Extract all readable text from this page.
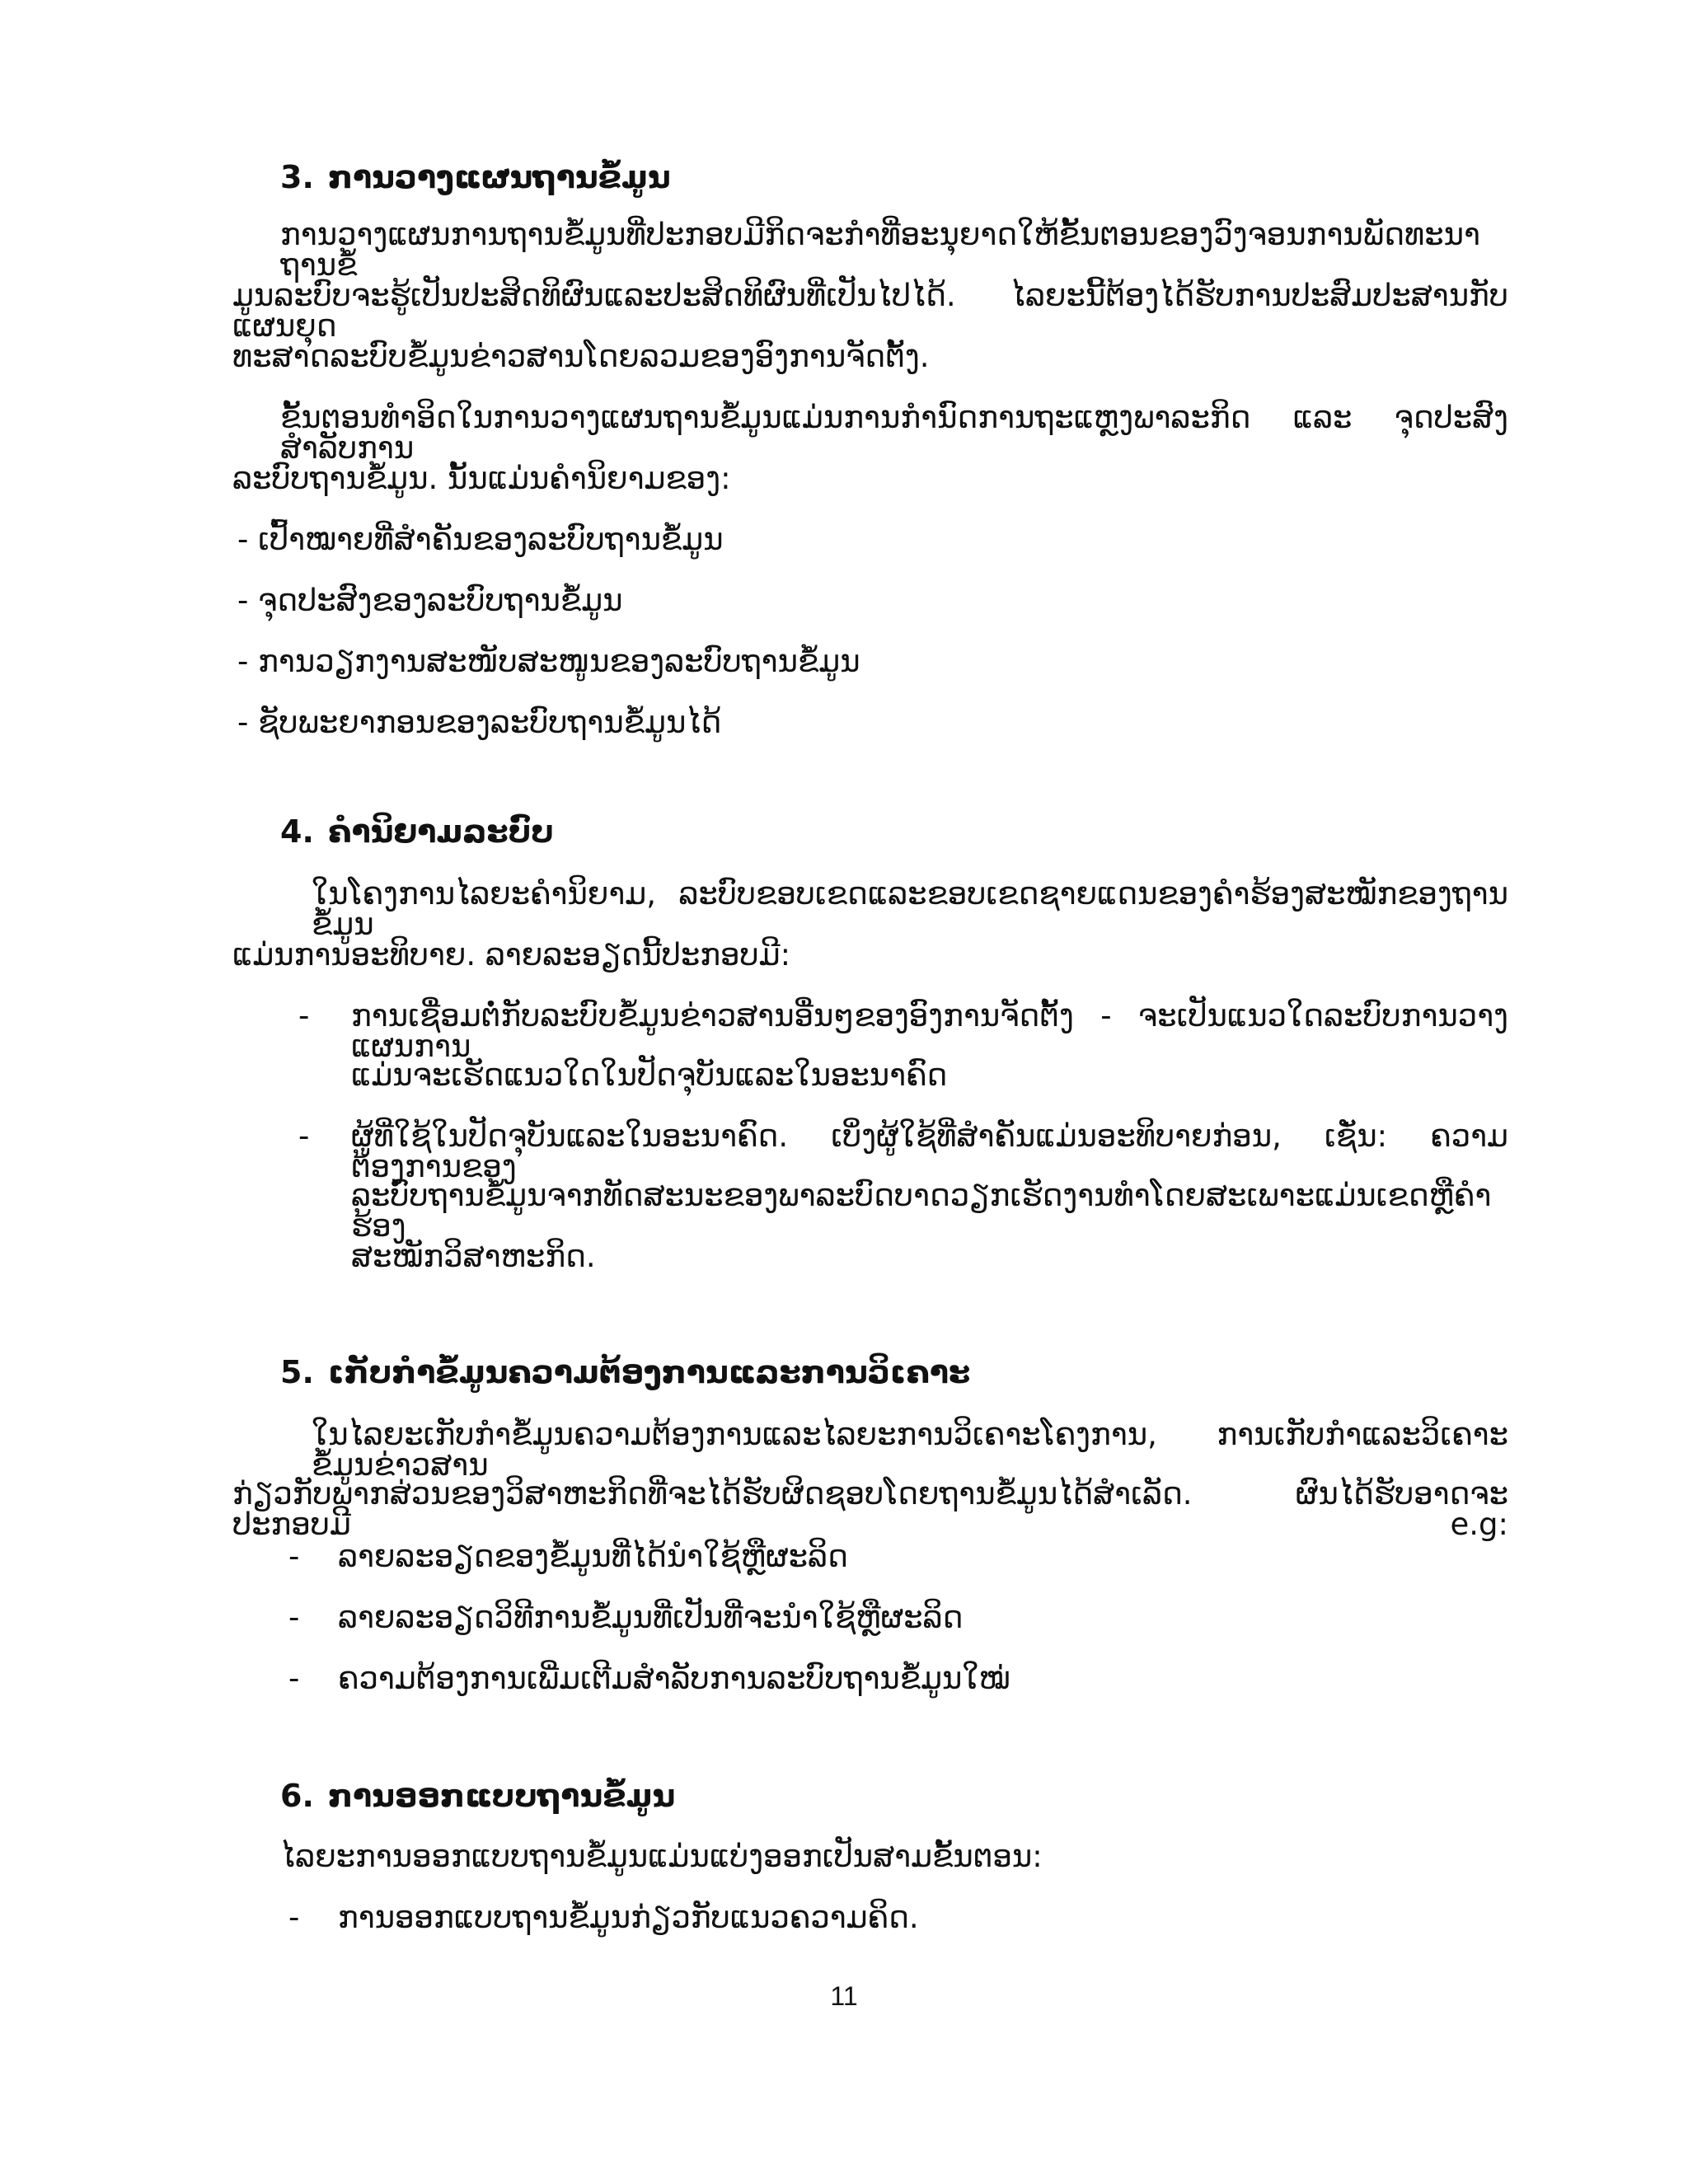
3. ການວາງແຜນຖານຂໍ້ມູນ
ການວາງແຜນການຖານຂໍ້ມູນທີ່ປະກອບມີກິດຈະກຳທີ່ອະນຸຍາດໃຫ້ຂັ້ນຕອນຂອງວົງຈອນການພັດທະນາຖານຂໍ້
ມູນລະບົບຈະຮູ້ເປັນປະສິດທິຜົນແລະປະສິດທິຜົນທີ່ເປັນໄປໄດ້. ໄລຍະນີ້ຕ້ອງໄດ້ຮັບການປະສົມປະສານກັບແຜນຍຸດ
ທະສາດລະບົບຂໍ້ມູນຂ່າວສານໂດຍລວມຂອງອົງການຈັດຕັ້ງ.
ຂັ້ນຕອນທຳອິດໃນການວາງແຜນຖານຂໍ້ມູນແມ່ນການກຳນົດການຖະແຫຼງພາລະກິດ ແລະ ຈຸດປະສົງສຳລັບການ
ລະບົບຖານຂໍ້ມູນ. ນັ້ນແມ່ນຄຳນິຍາມຂອງ:
- ເປົ້າໝາຍທີ່ສຳຄັນຂອງລະບົບຖານຂໍ້ມູນ
- ຈຸດປະສົງຂອງລະບົບຖານຂໍ້ມູນ
- ການວຽກງານສະໜັບສະໜູນຂອງລະບົບຖານຂໍ້ມູນ
- ຊັບພະຍາກອນຂອງລະບົບຖານຂໍ້ມູນໄດ້
4. ຄຳນິຍາມລະບົບ
ໃນໂຄງການໄລຍະຄຳນິຍາມ, ລະບົບຂອບເຂດແລະຂອບເຂດຊາຍແດນຂອງຄຳຮ້ອງສະໝັກຂອງຖານຂໍ້ມູນ
ແມ່ນການອະທິບາຍ. ລາຍລະອຽດນີ້ປະກອບມີ:
- ການເຊື່ອມຕໍ່ກັບລະບົບຂໍ້ມູນຂ່າວສານອື່ນໆຂອງອົງການຈັດຕັ້ງ - ຈະເປັນແນວໃດລະບົບການວາງແຜນການ
ແມ່ນຈະເຮັດແນວໃດໃນປັດຈຸບັນແລະໃນອະນາຄົດ
- ຜູ້ທີ່ໃຊ້ໃນປັດຈຸບັນແລະໃນອະນາຄົດ. ເບິ່ງຜູ້ໃຊ້ທີ່ສຳຄັນແມ່ນອະທິບາຍກ່ອນ, ເຊັ່ນ: ຄວາມຕ້ອງການຂອງ
ລະບົບຖານຂໍ້ມູນຈາກທັດສະນະຂອງພາລະບົດບາດວຽກເຮັດງານທຳໂດຍສະເພາະແມ່ນເຂດຫຼືຄຳຮ້ອງ
ສະໝັກວິສາຫະກິດ.
5. ເກັບກຳຂໍ້ມູນຄວາມຕ້ອງການແລະການວິເຄາະ
ໃນໄລຍະເກັບກຳຂໍ້ມູນຄວາມຕ້ອງການແລະໄລຍະການວິເຄາະໂຄງການ, ການເກັບກຳແລະວິເຄາະຂໍ້ມູນຂ່າວສານ
ກ່ຽວກັບພາກສ່ວນຂອງວິສາຫະກິດທີ່ຈະໄດ້ຮັບຜິດຊອບໂດຍຖານຂໍ້ມູນໄດ້ສຳເລັດ. ຜົນໄດ້ຮັບອາດຈະປະກອບມີ e.g:
- ລາຍລະອຽດຂອງຂໍ້ມູນທີ່ໄດ້ນຳໃຊ້ຫຼືຜະລິດ
- ລາຍລະອຽດວິທີການຂໍ້ມູນທີ່ເປັນທີ່ຈະນຳໃຊ້ຫຼືຜະລິດ
- ຄວາມຕ້ອງການເພີ່ມເຕີມສຳລັບການລະບົບຖານຂໍ້ມູນໃໝ່
6. ການອອກແບບຖານຂໍ້ມູນ
ໄລຍະການອອກແບບຖານຂໍ້ມູນແມ່ນແບ່ງອອກເປັນສາມຂັ້ນຕອນ:
- ການອອກແບບຖານຂໍ້ມູນກ່ຽວກັບແນວຄວາມຄິດ.
11
